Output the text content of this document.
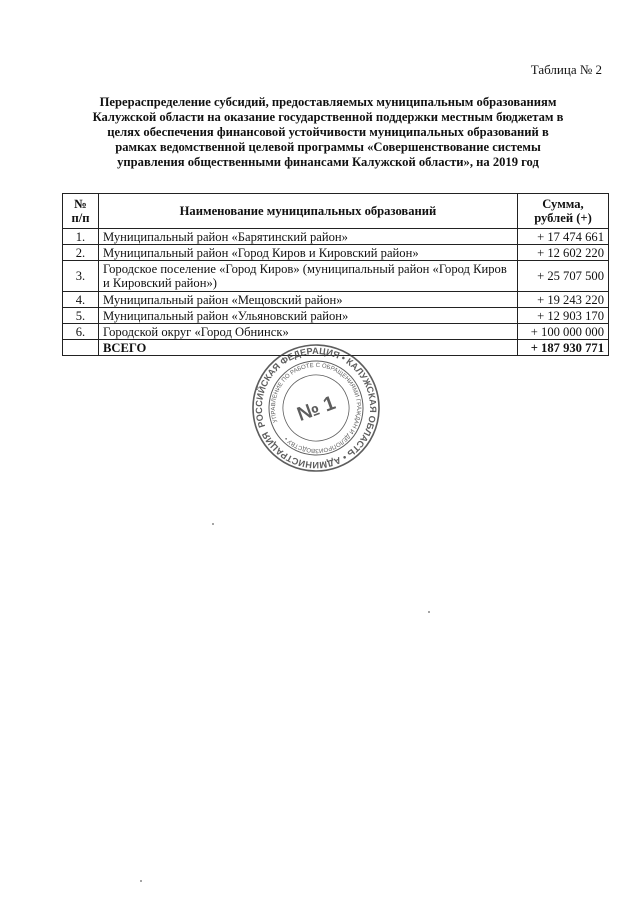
Таблица № 2
Перераспределение субсидий, предоставляемых муниципальным образованиям
Калужской области на оказание государственной поддержки местным бюджетам в
целях обеспечения финансовой устойчивости муниципальных образований в
рамках ведомственной целевой программы «Совершенствование системы
управления общественными финансами Калужской области», на 2019 год
№
п/п	Наименование муниципальных образований	Сумма,
рублей (+)
1.	Муниципальный район «Барятинский район»	+ 17 474 661
2.	Муниципальный район «Город Киров и Кировский район»	+ 12 602 220
3.	Городское поселение «Город Киров» (муниципальный район «Город Киров и Кировский район»)	+ 25 707 500
4.	Муниципальный район «Мещовский район»	+ 19 243 220
5.	Муниципальный район «Ульяновский район»	+ 12 903 170
6.	Городской округ «Город Обнинск»	+ 100 000 000
	ВСЕГО	+ 187 930 771
РОССИЙСКАЯ ФЕДЕРАЦИЯ • КАЛУЖСКАЯ ОБЛАСТЬ • АДМИНИСТРАЦИЯ
УПРАВЛЕНИЕ ПО РАБОТЕ С ОБРАЩЕНИЯМИ ГРАЖДАН И ДЕЛОПРОИЗВОДСТВУ •
№ 1
